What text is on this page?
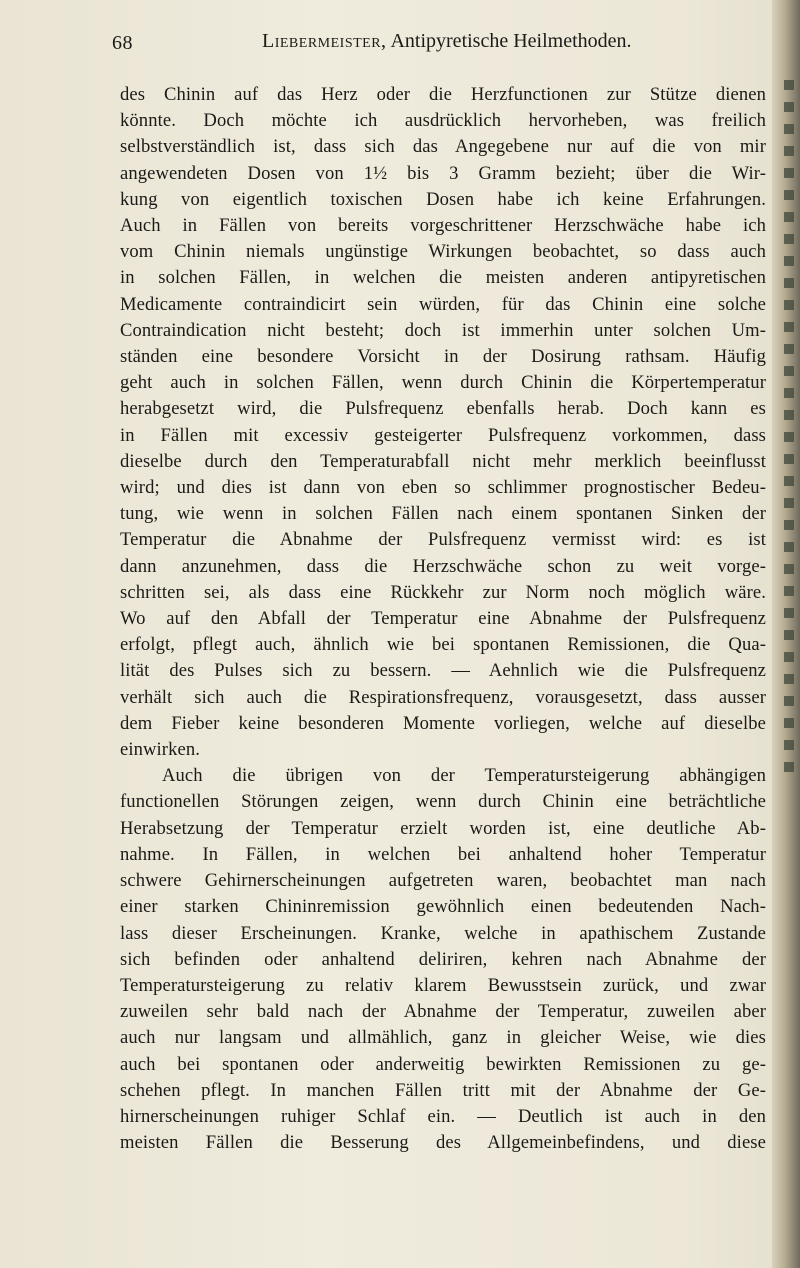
68	Liebermeister, Antipyretische Heilmethoden.
des Chinin auf das Herz oder die Herzfunctionen zur Stütze dienen
könnte. Doch möchte ich ausdrücklich hervorheben, was freilich
selbstverständlich ist, dass sich das Angegebene nur auf die von mir
angewendeten Dosen von 1½ bis 3 Gramm bezieht; über die Wir-
kung von eigentlich toxischen Dosen habe ich keine Erfahrungen.
Auch in Fällen von bereits vorgeschrittener Herzschwäche habe ich
vom Chinin niemals ungünstige Wirkungen beobachtet, so dass auch
in solchen Fällen, in welchen die meisten anderen antipyretischen
Medicamente contraindicirt sein würden, für das Chinin eine solche
Contraindication nicht besteht; doch ist immerhin unter solchen Um-
ständen eine besondere Vorsicht in der Dosirung rathsam. Häufig
geht auch in solchen Fällen, wenn durch Chinin die Körpertemperatur
herabgesetzt wird, die Pulsfrequenz ebenfalls herab. Doch kann es
in Fällen mit excessiv gesteigerter Pulsfrequenz vorkommen, dass
dieselbe durch den Temperaturabfall nicht mehr merklich beeinflusst
wird; und dies ist dann von eben so schlimmer prognostischer Bedeu-
tung, wie wenn in solchen Fällen nach einem spontanen Sinken der
Temperatur die Abnahme der Pulsfrequenz vermisst wird: es ist
dann anzunehmen, dass die Herzschwäche schon zu weit vorge-
schritten sei, als dass eine Rückkehr zur Norm noch möglich wäre.
Wo auf den Abfall der Temperatur eine Abnahme der Pulsfrequenz
erfolgt, pflegt auch, ähnlich wie bei spontanen Remissionen, die Qua-
lität des Pulses sich zu bessern. — Aehnlich wie die Pulsfrequenz
verhält sich auch die Respirationsfrequenz, vorausgesetzt, dass ausser
dem Fieber keine besonderen Momente vorliegen, welche auf dieselbe
einwirken.
Auch die übrigen von der Temperatursteigerung abhängigen
functionellen Störungen zeigen, wenn durch Chinin eine beträchtliche
Herabsetzung der Temperatur erzielt worden ist, eine deutliche Ab-
nahme. In Fällen, in welchen bei anhaltend hoher Temperatur
schwere Gehirnerscheinungen aufgetreten waren, beobachtet man nach
einer starken Chininremission gewöhnlich einen bedeutenden Nach-
lass dieser Erscheinungen. Kranke, welche in apathischem Zustande
sich befinden oder anhaltend deliriren, kehren nach Abnahme der
Temperatursteigerung zu relativ klarem Bewusstsein zurück, und zwar
zuweilen sehr bald nach der Abnahme der Temperatur, zuweilen aber
auch nur langsam und allmählich, ganz in gleicher Weise, wie dies
auch bei spontanen oder anderweitig bewirkten Remissionen zu ge-
schehen pflegt. In manchen Fällen tritt mit der Abnahme der Ge-
hirnerscheinungen ruhiger Schlaf ein. — Deutlich ist auch in den
meisten Fällen die Besserung des Allgemeinbefindens, und diese
